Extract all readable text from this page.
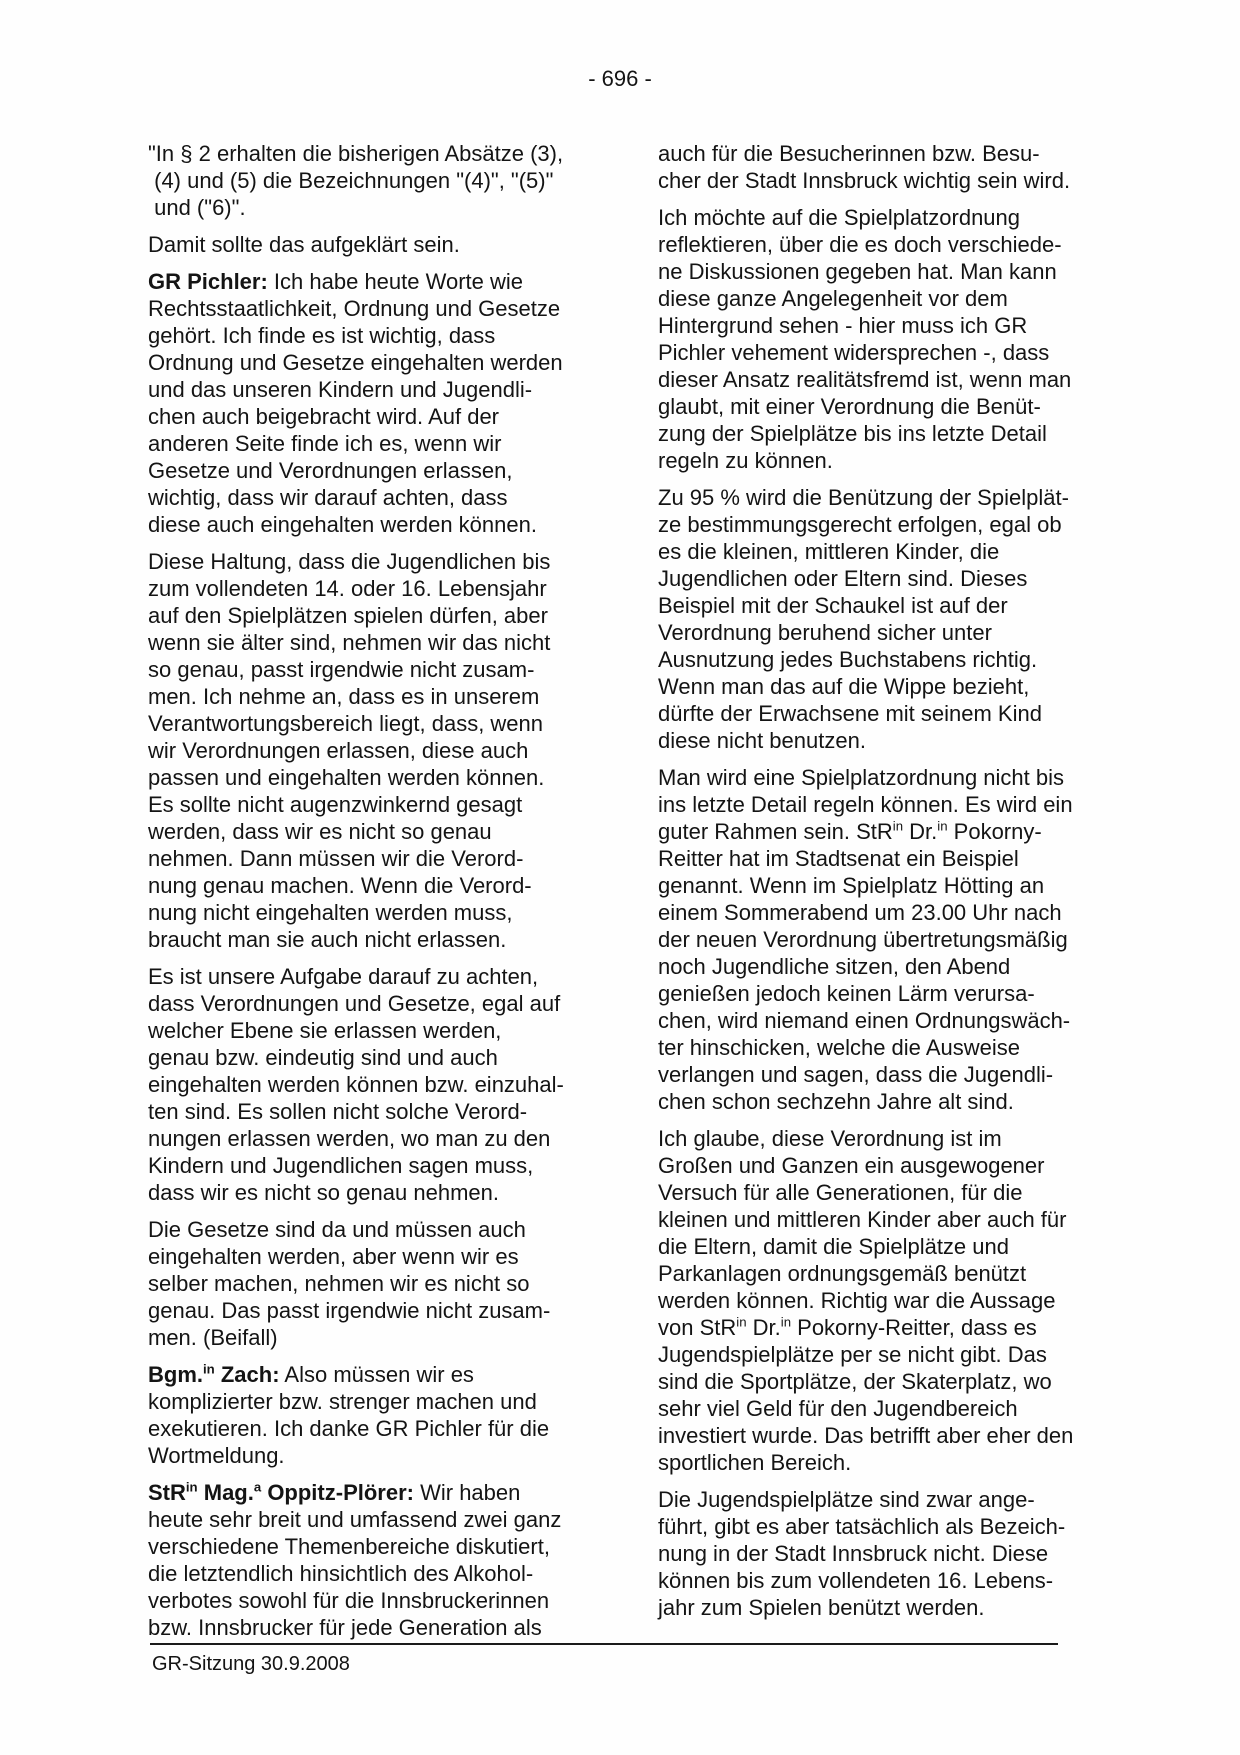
- 696 -

"In § 2 erhalten die bisherigen Absätze (3),
(4) und (5) die Bezeichnungen "(4)", "(5)"
und ("6)".

Damit sollte das aufgeklärt sein.

GR Pichler: Ich habe heute Worte wie
Rechtsstaatlichkeit, Ordnung und Gesetze
gehört. Ich finde es ist wichtig, dass
Ordnung und Gesetze eingehalten werden
und das unseren Kindern und Jugendli-
chen auch beigebracht wird. Auf der
anderen Seite finde ich es, wenn wir
Gesetze und Verordnungen erlassen,
wichtig, dass wir darauf achten, dass
diese auch eingehalten werden können.

Diese Haltung, dass die Jugendlichen bis
zum vollendeten 14. oder 16. Lebensjahr
auf den Spielplätzen spielen dürfen, aber
wenn sie älter sind, nehmen wir das nicht
so genau, passt irgendwie nicht zusam-
men. Ich nehme an, dass es in unserem
Verantwortungsbereich liegt, dass, wenn
wir Verordnungen erlassen, diese auch
passen und eingehalten werden können.
Es sollte nicht augenzwinkernd gesagt
werden, dass wir es nicht so genau
nehmen. Dann müssen wir die Verord-
nung genau machen. Wenn die Verord-
nung nicht eingehalten werden muss,
braucht man sie auch nicht erlassen.

Es ist unsere Aufgabe darauf zu achten,
dass Verordnungen und Gesetze, egal auf
welcher Ebene sie erlassen werden,
genau bzw. eindeutig sind und auch
eingehalten werden können bzw. einzuhal-
ten sind. Es sollen nicht solche Verord-
nungen erlassen werden, wo man zu den
Kindern und Jugendlichen sagen muss,
dass wir es nicht so genau nehmen.

Die Gesetze sind da und müssen auch
eingehalten werden, aber wenn wir es
selber machen, nehmen wir es nicht so
genau. Das passt irgendwie nicht zusam-
men. (Beifall)

Bgm.$^{in}$ Zach: Also müssen wir es
komplizierter bzw. strenger machen und
exekutieren. Ich danke GR Pichler für die
Wortmeldung.

StR$^{in}$ Mag.$^a$ Oppitz-Plörer: Wir haben
heute sehr breit und umfassend zwei ganz
verschiedene Themenbereiche diskutiert,
die letztendlich hinsichtlich des Alkohol-
verbotes sowohl für die Innsbruckerinnen
bzw. Innsbrucker für jede Generation als

auch für die Besucherinnen bzw. Besu-
cher der Stadt Innsbruck wichtig sein wird.

Ich möchte auf die Spielplatzordnung
reflektieren, über die es doch verschiede-
ne Diskussionen gegeben hat. Man kann
diese ganze Angelegenheit vor dem
Hintergrund sehen - hier muss ich GR
Pichler vehement widersprechen -, dass
dieser Ansatz realitätsfremd ist, wenn man
glaubt, mit einer Verordnung die Benüt-
zung der Spielplätze bis ins letzte Detail
regeln zu können.

Zu 95 % wird die Benützung der Spielplät-
ze bestimmungsgerecht erfolgen, egal ob
es die kleinen, mittleren Kinder, die
Jugendlichen oder Eltern sind. Dieses
Beispiel mit der Schaukel ist auf der
Verordnung beruhend sicher unter
Ausnutzung jedes Buchstabens richtig.
Wenn man das auf die Wippe bezieht,
dürfte der Erwachsene mit seinem Kind
diese nicht benutzen.

Man wird eine Spielplatzordnung nicht bis
ins letzte Detail regeln können. Es wird ein
guter Rahmen sein. StR$^{in}$ Dr.$^{in}$ Pokorny-
Reitter hat im Stadtsenat ein Beispiel
genannt. Wenn im Spielplatz Hötting an
einem Sommerabend um 23.00 Uhr nach
der neuen Verordnung übertretungsmäßig
noch Jugendliche sitzen, den Abend
genießen jedoch keinen Lärm verursa-
chen, wird niemand einen Ordnungswäch-
ter hinschicken, welche die Ausweise
verlangen und sagen, dass die Jugendli-
chen schon sechzehn Jahre alt sind.

Ich glaube, diese Verordnung ist im
Großen und Ganzen ein ausgewogener
Versuch für alle Generationen, für die
kleinen und mittleren Kinder aber auch für
die Eltern, damit die Spielplätze und
Parkanlagen ordnungsgemäß benützt
werden können. Richtig war die Aussage
von StR$^{in}$ Dr.$^{in}$ Pokorny-Reitter, dass es
Jugendspielplätze per se nicht gibt. Das
sind die Sportplätze, der Skaterplatz, wo
sehr viel Geld für den Jugendbereich
investiert wurde. Das betrifft aber eher den
sportlichen Bereich.

Die Jugendspielplätze sind zwar ange-
führt, gibt es aber tatsächlich als Bezeich-
nung in der Stadt Innsbruck nicht. Diese
können bis zum vollendeten 16. Lebens-
jahr zum Spielen benützt werden.

GR-Sitzung 30.9.2008
